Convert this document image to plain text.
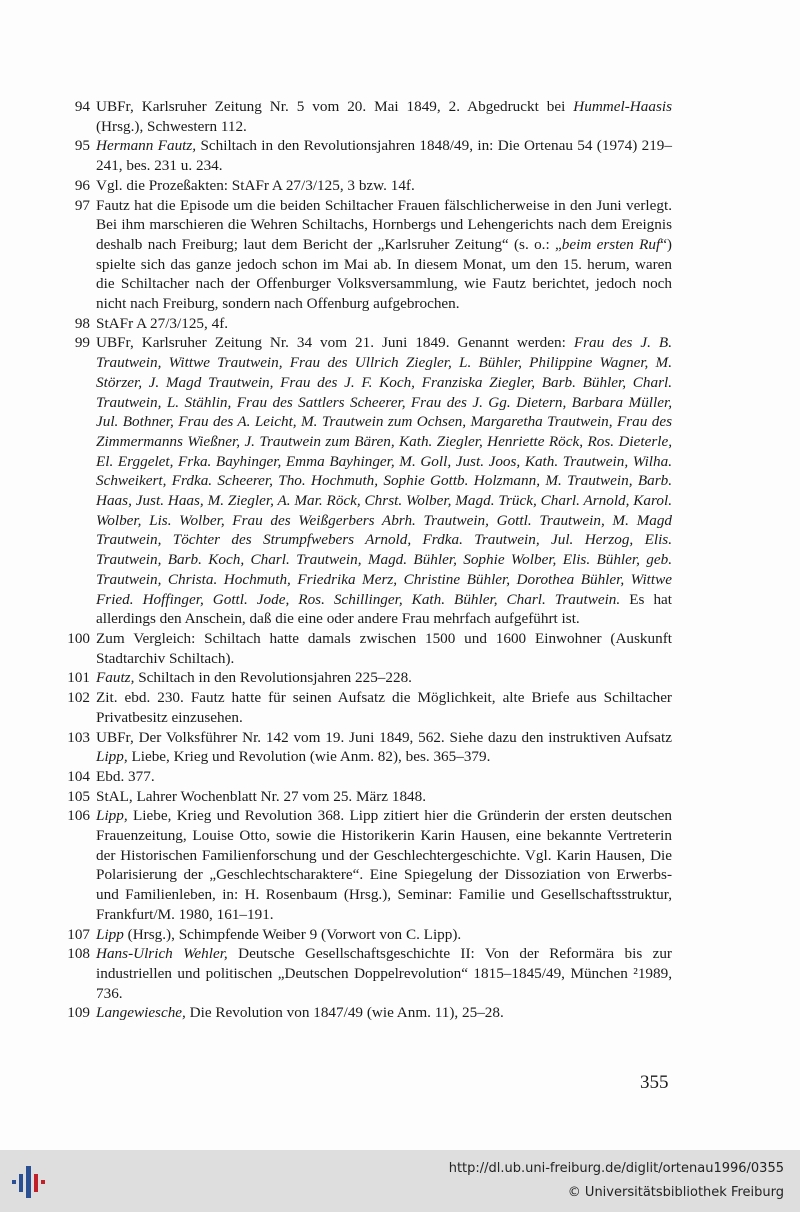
94 UBFr, Karlsruher Zeitung Nr. 5 vom 20. Mai 1849, 2. Abgedruckt bei Hummel-Haasis (Hrsg.), Schwestern 112.
95 Hermann Fautz, Schiltach in den Revolutionsjahren 1848/49, in: Die Ortenau 54 (1974) 219–241, bes. 231 u. 234.
96 Vgl. die Prozeßakten: StAFr A 27/3/125, 3 bzw. 14f.
97 Fautz hat die Episode um die beiden Schiltacher Frauen fälschlicherweise in den Juni verlegt. Bei ihm marschieren die Wehren Schiltachs, Hornbergs und Lehengerichts nach dem Ereignis deshalb nach Freiburg; laut dem Bericht der „Karlsruher Zeitung“ (s. o.: „beim ersten Ruf“) spielte sich das ganze jedoch schon im Mai ab. In diesem Monat, um den 15. herum, waren die Schiltacher nach der Offenburger Volksversammlung, wie Fautz berichtet, jedoch noch nicht nach Freiburg, sondern nach Offenburg aufgebrochen.
98 StAFr A 27/3/125, 4f.
99 UBFr, Karlsruher Zeitung Nr. 34 vom 21. Juni 1849. Genannt werden: Frau des J. B. Trautwein, Wittwe Trautwein, Frau des Ullrich Ziegler, L. Bühler, Philippine Wagner, M. Störzer, J. Magd Trautwein, Frau des J. F. Koch, Franziska Ziegler, Barb. Bühler, Charl. Trautwein, L. Stählin, Frau des Sattlers Scheerer, Frau des J. Gg. Dietern, Barbara Müller, Jul. Bothner, Frau des A. Leicht, M. Trautwein zum Ochsen, Margaretha Trautwein, Frau des Zimmermanns Wießner, J. Trautwein zum Bären, Kath. Ziegler, Henriette Röck, Ros. Dieterle, El. Erggelet, Frka. Bayhinger, Emma Bayhinger, M. Goll, Just. Joos, Kath. Trautwein, Wilha. Schweikert, Frdka. Scheerer, Tho. Hochmuth, Sophie Gottb. Holzmann, M. Trautwein, Barb. Haas, Just. Haas, M. Ziegler, A. Mar. Röck, Chrst. Wolber, Magd. Trück, Charl. Arnold, Karol. Wolber, Lis. Wolber, Frau des Weißgerbers Abrh. Trautwein, Gottl. Trautwein, M. Magd Trautwein, Töchter des Strumpfwebers Arnold, Frdka. Trautwein, Jul. Herzog, Elis. Trautwein, Barb. Koch, Charl. Trautwein, Magd. Bühler, Sophie Wolber, Elis. Bühler, geb. Trautwein, Christa. Hochmuth, Friedrika Merz, Christine Bühler, Dorothea Bühler, Wittwe Fried. Hoffinger, Gottl. Jode, Ros. Schillinger, Kath. Bühler, Charl. Trautwein. Es hat allerdings den Anschein, daß die eine oder andere Frau mehrfach aufgeführt ist.
100 Zum Vergleich: Schiltach hatte damals zwischen 1500 und 1600 Einwohner (Auskunft Stadtarchiv Schiltach).
101 Fautz, Schiltach in den Revolutionsjahren 225–228.
102 Zit. ebd. 230. Fautz hatte für seinen Aufsatz die Möglichkeit, alte Briefe aus Schiltacher Privatbesitz einzusehen.
103 UBFr, Der Volksführer Nr. 142 vom 19. Juni 1849, 562. Siehe dazu den instruktiven Aufsatz Lipp, Liebe, Krieg und Revolution (wie Anm. 82), bes. 365–379.
104 Ebd. 377.
105 StAL, Lahrer Wochenblatt Nr. 27 vom 25. März 1848.
106 Lipp, Liebe, Krieg und Revolution 368. Lipp zitiert hier die Gründerin der ersten deutschen Frauenzeitung, Louise Otto, sowie die Historikerin Karin Hausen, eine bekannte Vertreterin der Historischen Familienforschung und der Geschlechtergeschichte. Vgl. Karin Hausen, Die Polarisierung der „Geschlechtscharaktere“. Eine Spiegelung der Dissoziation von Erwerbs- und Familienleben, in: H. Rosenbaum (Hrsg.), Seminar: Familie und Gesellschaftsstruktur, Frankfurt/M. 1980, 161–191.
107 Lipp (Hrsg.), Schimpfende Weiber 9 (Vorwort von C. Lipp).
108 Hans-Ulrich Wehler, Deutsche Gesellschaftsgeschichte II: Von der Reformära bis zur industriellen und politischen „Deutschen Doppelrevolution“ 1815–1845/49, München ²1989, 736.
109 Langewiesche, Die Revolution von 1847/49 (wie Anm. 11), 25–28.
355
http://dl.ub.uni-freiburg.de/diglit/ortenau1996/0355
© Universitätsbibliothek Freiburg
